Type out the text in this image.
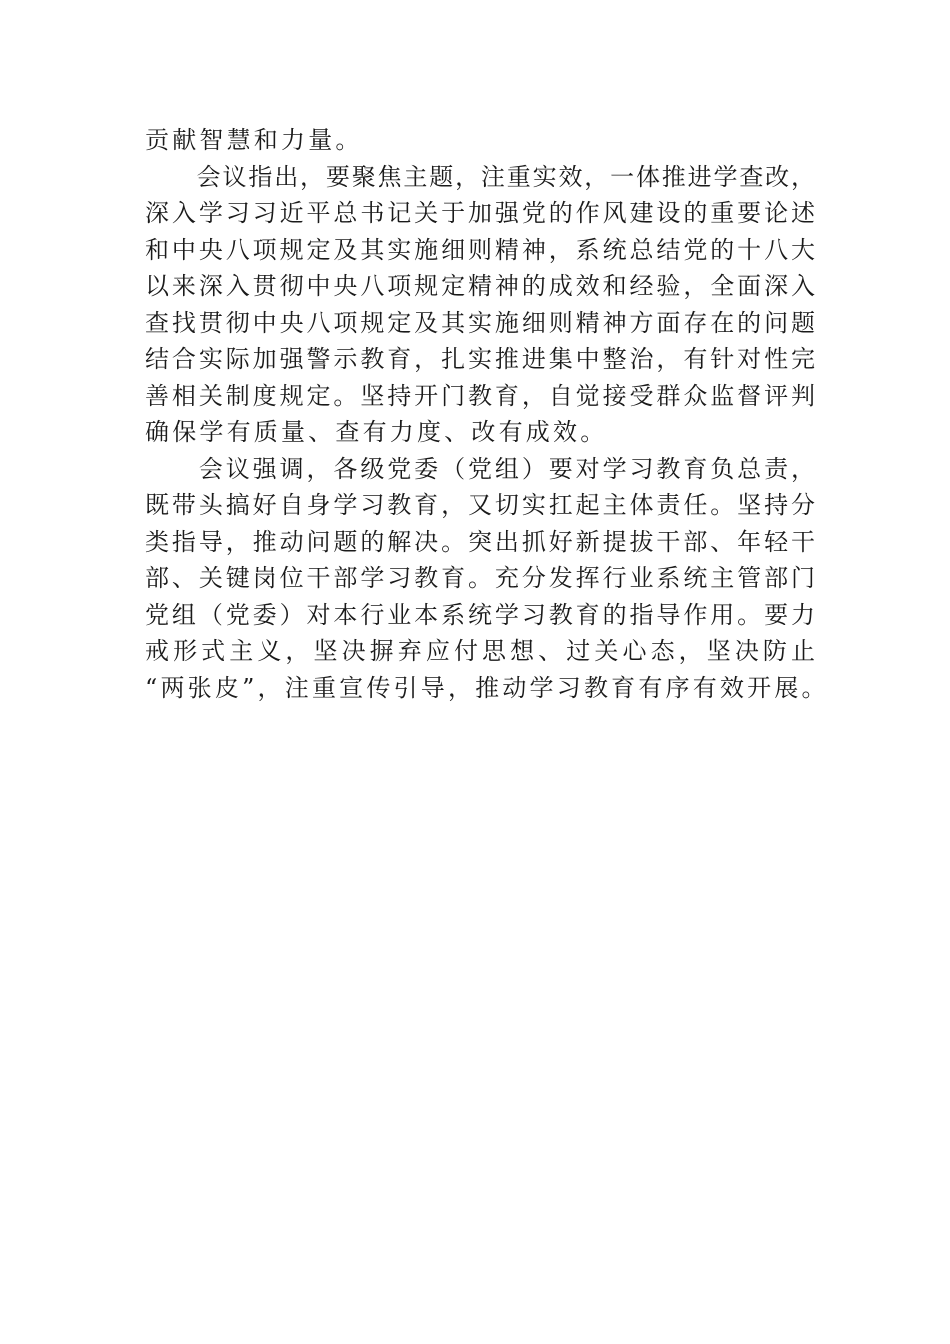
贡献智慧和力量。
　　会议指出，要聚焦主题，注重实效，一体推进学查改，
深入学习习近平总书记关于加强党的作风建设的重要论述
和中央八项规定及其实施细则精神，系统总结党的十八大
以来深入贯彻中央八项规定精神的成效和经验，全面深入
查找贯彻中央八项规定及其实施细则精神方面存在的问题
结合实际加强警示教育，扎实推进集中整治，有针对性完
善相关制度规定。坚持开门教育，自觉接受群众监督评判
确保学有质量、查有力度、改有成效。
　　会议强调，各级党委（党组）要对学习教育负总责，
既带头搞好自身学习教育，又切实扛起主体责任。坚持分
类指导，推动问题的解决。突出抓好新提拔干部、年轻干
部、关键岗位干部学习教育。充分发挥行业系统主管部门
党组（党委）对本行业本系统学习教育的指导作用。要力
戒形式主义，坚决摒弃应付思想、过关心态，坚决防止
“两张皮”，注重宣传引导，推动学习教育有序有效开展。
